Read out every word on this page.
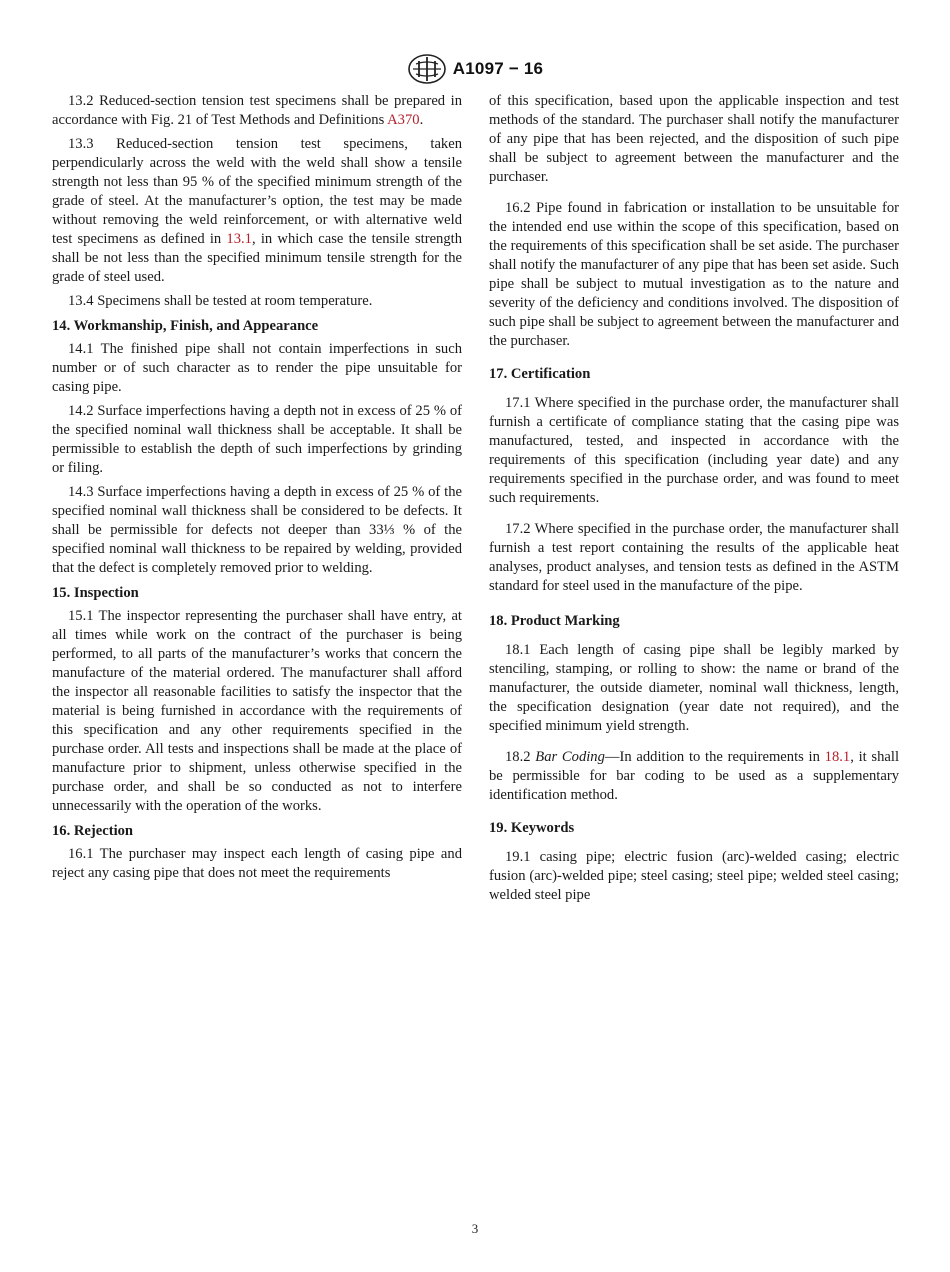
A1097 − 16

13.2 Reduced-section tension test specimens shall be prepared in accordance with Fig. 21 of Test Methods and Definitions A370.

13.3 Reduced-section tension test specimens, taken perpendicularly across the weld with the weld shall show a tensile strength not less than 95 % of the specified minimum strength of the grade of steel. At the manufacturer’s option, the test may be made without removing the weld reinforcement, or with alternative weld test specimens as defined in 13.1, in which case the tensile strength shall be not less than the specified minimum tensile strength for the grade of steel used.

13.4 Specimens shall be tested at room temperature.

14. Workmanship, Finish, and Appearance

14.1 The finished pipe shall not contain imperfections in such number or of such character as to render the pipe unsuitable for casing pipe.

14.2 Surface imperfections having a depth not in excess of 25 % of the specified nominal wall thickness shall be acceptable. It shall be permissible to establish the depth of such imperfections by grinding or filing.

14.3 Surface imperfections having a depth in excess of 25 % of the specified nominal wall thickness shall be considered to be defects. It shall be permissible for defects not deeper than 33⅓ % of the specified nominal wall thickness to be repaired by welding, provided that the defect is completely removed prior to welding.

15. Inspection

15.1 The inspector representing the purchaser shall have entry, at all times while work on the contract of the purchaser is being performed, to all parts of the manufacturer’s works that concern the manufacture of the material ordered. The manufacturer shall afford the inspector all reasonable facilities to satisfy the inspector that the material is being furnished in accordance with the requirements of this specification and any other requirements specified in the purchase order. All tests and inspections shall be made at the place of manufacture prior to shipment, unless otherwise specified in the purchase order, and shall be so conducted as not to interfere unnecessarily with the operation of the works.

16. Rejection

16.1 The purchaser may inspect each length of casing pipe and reject any casing pipe that does not meet the requirements

of this specification, based upon the applicable inspection and test methods of the standard. The purchaser shall notify the manufacturer of any pipe that has been rejected, and the disposition of such pipe shall be subject to agreement between the manufacturer and the purchaser.

16.2 Pipe found in fabrication or installation to be unsuitable for the intended end use within the scope of this specification, based on the requirements of this specification shall be set aside. The purchaser shall notify the manufacturer of any pipe that has been set aside. Such pipe shall be subject to mutual investigation as to the nature and severity of the deficiency and conditions involved. The disposition of such pipe shall be subject to agreement between the manufacturer and the purchaser.

17. Certification

17.1 Where specified in the purchase order, the manufacturer shall furnish a certificate of compliance stating that the casing pipe was manufactured, tested, and inspected in accordance with the requirements of this specification (including year date) and any requirements specified in the purchase order, and was found to meet such requirements.

17.2 Where specified in the purchase order, the manufacturer shall furnish a test report containing the results of the applicable heat analyses, product analyses, and tension tests as defined in the ASTM standard for steel used in the manufacture of the pipe.

18. Product Marking

18.1 Each length of casing pipe shall be legibly marked by stenciling, stamping, or rolling to show: the name or brand of the manufacturer, the outside diameter, nominal wall thickness, length, the specification designation (year date not required), and the specified minimum yield strength.

18.2 Bar Coding—In addition to the requirements in 18.1, it shall be permissible for bar coding to be used as a supplementary identification method.

19. Keywords

19.1 casing pipe; electric fusion (arc)-welded casing; electric fusion (arc)-welded pipe; steel casing; steel pipe; welded steel casing; welded steel pipe

3
